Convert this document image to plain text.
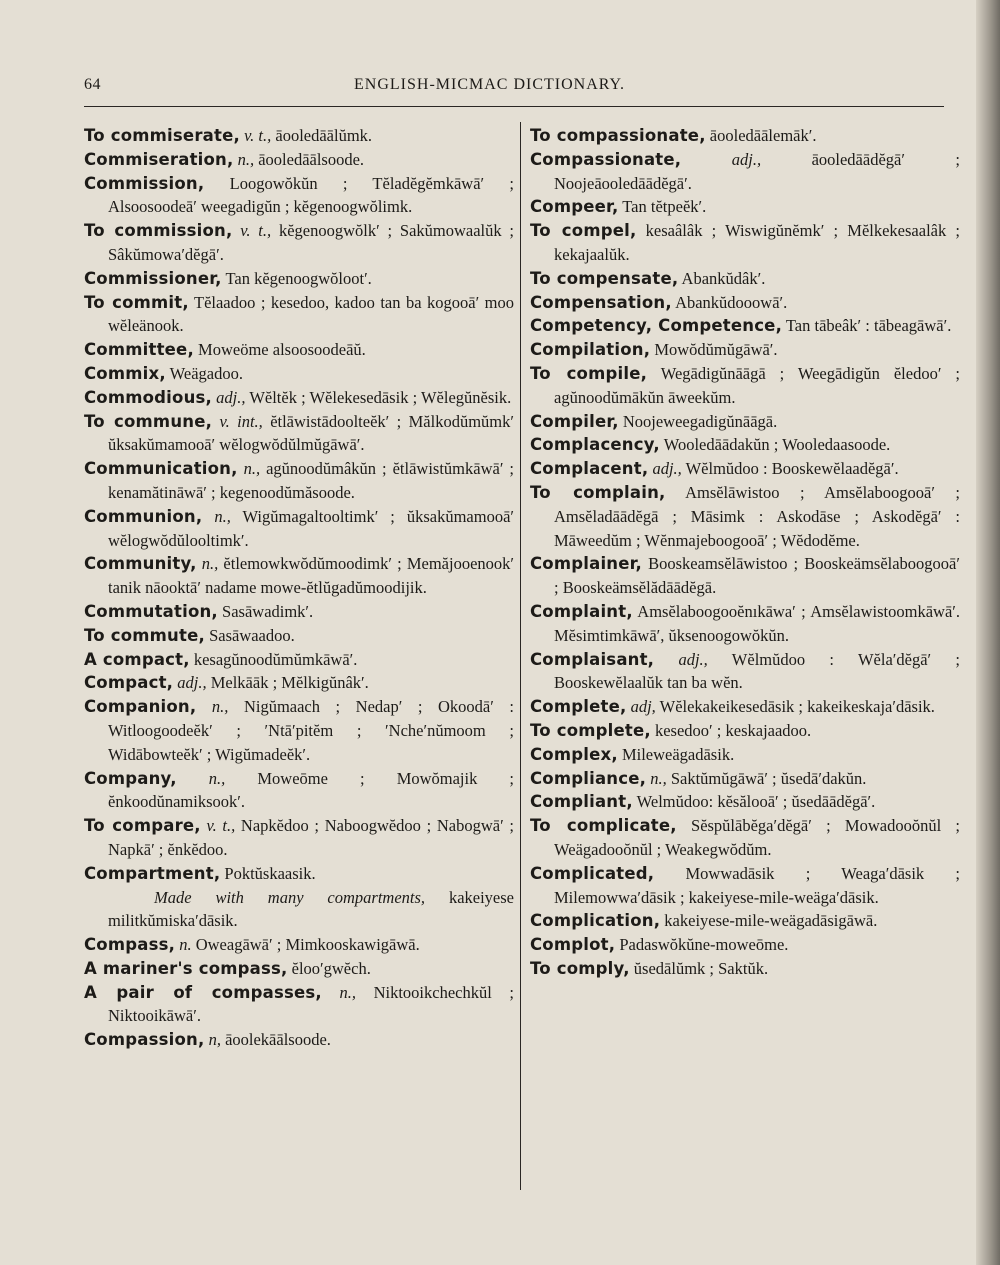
64	ENGLISH-MICMAC DICTIONARY.

To commiserate, v. t., āooledāālŭmk.

Commiseration, n., āooledāālsoode.

Commission, Loogowŏkŭn ; Tĕladĕgĕmkāwā′ ; Alsoosoodeā′ weegadigŭn ; kĕgenoogwŏlimk.

To commission, v. t., kĕgenoogwŏlk′ ; Sakŭmowaalŭk ; Sâkŭmowa′dĕgā′.

Commissioner, Tan kĕgenoogwŏloot′.

To commit, Tĕlaadoo ; kesedoo, kadoo tan ba kogooā′ moo wĕleänook.

Committee, Moweöme alsoosoodeāŭ.

Commix, Weägadoo.

Commodious, adj., Wĕltĕk ; Wĕlekesedāsik ; Wĕlegŭnĕsik.

To commune, v. int., ĕtlāwistādoolteĕk′ ; Mălkodŭmŭmk′ ŭksakŭmamooā′ wĕlogwŏdŭlmŭgāwā′.

Communication, n., agŭnoodŭmâkŭn ; ĕtlāwistŭmkāwā′ ; kenamătināwā′ ; kegenoodŭmăsoode.

Communion, n., Wigŭmagaltooltimk′ ; ŭksakŭmamooā′ wĕlogwŏdŭlooltimk′.

Community, n., ĕtlemowkwŏdŭmoodimk′ ; Memăjooenook′ tanik nāooktā′ nadame mowe-ĕtlŭgadŭmoodijik.

Commutation, Sasāwadimk′.

To commute, Sasāwaadoo.

A compact, kesagŭnoodŭmŭmkāwā′.

Compact, adj., Melkāāk ; Mĕlkigŭnâk′.

Companion, n., Nigŭmaach ; Nedap′ ; Okoodā′ : Witloogoodeĕk′ ; ′Ntā′pitĕm ; ′Nche′nŭmoom ; Widābowteĕk′ ; Wigŭmadeĕk′.

Company, n., Moweōme ; Mowŏmajik ; ĕnkoodŭnamiksook′.

To compare, v. t., Napkĕdoo ; Naboogwĕdoo ; Nabogwā′ ; Napkā′ ; ĕnkĕdoo.

Compartment, Poktŭskaasik.
Made with many compartments, kakeiyese militkŭmiska′dāsik.

Compass, n. Oweagāwā′ ; Mimkooskawigāwā.

A mariner's compass, ĕloo′gwĕch.

A pair of compasses, n., Niktooikchechkŭl ; Niktooikāwā′.

Compassion, n, āoolekāālsoode.

To compassionate, āooledāālemāk′.

Compassionate,	adj.,	āooledāādĕgā′ ; Noojeāooledāādĕgā′.

Compeer, Tan tĕtpeĕk′.

To compel, kesaâlâk ; Wiswigŭnĕmk′ ; Mĕlkekesaalâk ; kekajaalŭk.

To compensate, Abankŭdâk′.

Compensation, Abankŭdooowā′.

Competency, Competence, Tan tābeâk′ : tābeagāwā′.

Compilation, Mowŏdŭmŭgāwā′.

To compile, Wegādigŭnāāgā ; Weegādigŭn ĕledoo′ ; agŭnoodŭmākŭn āweekŭm.

Compiler, Noojeweegadigŭnāāgā.

Complacency, Wooledāādakŭn ; Wooledaasoode.

Complacent, adj., Wĕlmŭdoo : Booskewĕlaadĕgā′.

To complain, Amsĕlāwistoo ; Amsĕlaboogooā′ ; Amsĕladāādĕgā ; Māsimk : Askodāse ; Askodĕgā′ : Māweedŭm ; Wĕnmajeboogooā′ ; Wĕdodĕme.

Complainer, Booskeamsĕlāwistoo ; Booskeämsĕlaboogooā′ ; Booskeämsĕlădāādĕgā.

Complaint, Amsĕlaboogooĕnıkāwa′ ; Amsĕlawistoomkāwā′. Mĕsimtimkāwā′, ŭksenoogowŏkŭn.

Complaisant, adj., Wĕlmŭdoo : Wĕla′dĕgā′ ; Booskewĕlaalŭk tan ba wĕn.

Complete, adj, Wĕlekakeikesedāsik ; kakeikeskaja′dāsik.

To complete, kesedoo′ ; keskajaadoo.

Complex, Mileweägadāsik.

Compliance, n., Saktŭmŭgāwā′ ; ŭsedā′dakŭn.

Compliant, Welmŭdoo: kĕsălooā′ ; ŭsedāādĕgā′.

To complicate, Sĕspŭlābĕga′dĕgā′ ; Mowadooŏnŭl ; Weägadooŏnŭl ; Weakegwŏdŭm.

Complicated, Mowwadāsik ; Weaga′dāsik ; Milemowwa′dāsik ; kakeiyese-mile-weäga′dāsik.

Complication, kakeiyese-mile-weägadāsigāwā.

Complot, Padaswŏkŭne-moweōme.

To comply, ŭsedālŭmk ; Saktŭk.
